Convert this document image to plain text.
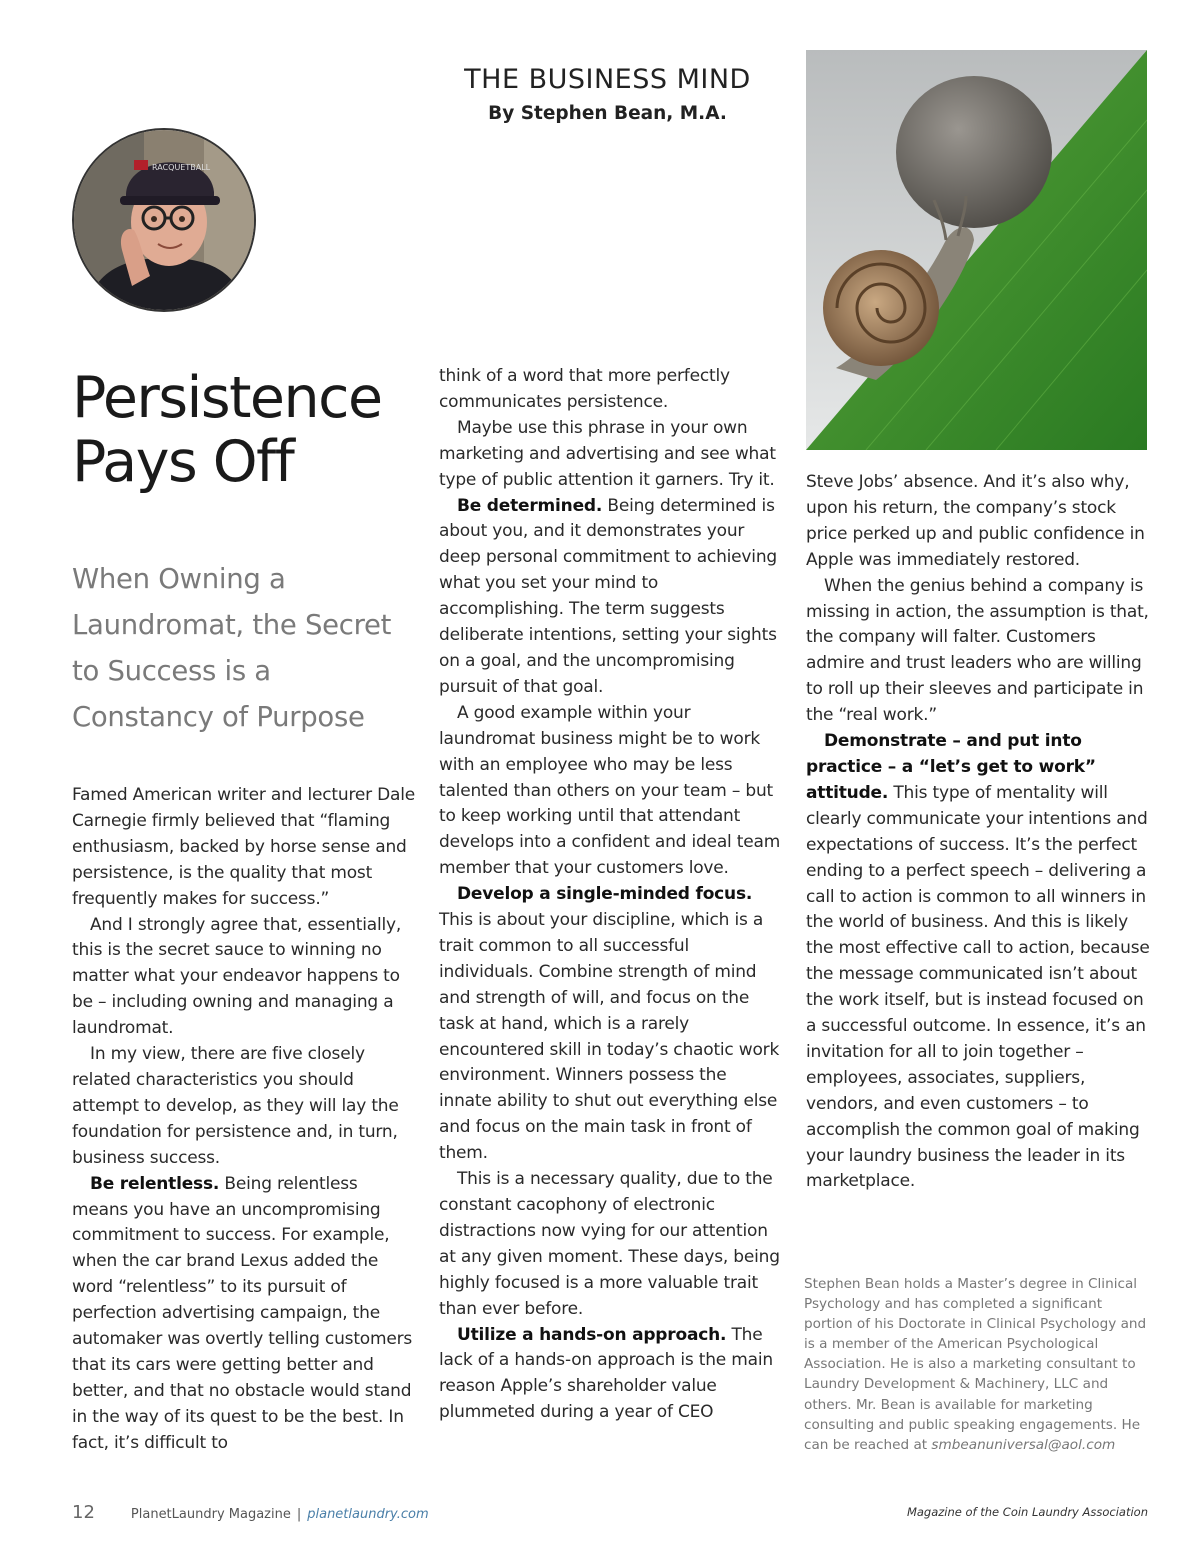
THE BUSINESS MIND
By Stephen Bean, M.A.
RACQUETBALL
Persistence
Pays Off
When Owning a Laundromat, the Secret to Success is a Constancy of Purpose

Famed American writer and lecturer Dale Carnegie firmly believed that “flaming enthusiasm, backed by horse sense and persistence, is the quality that most frequently makes for success.”

And I strongly agree that, essentially, this is the secret sauce to winning no matter what your endeavor happens to be – including owning and managing a laundromat.

In my view, there are five closely related characteristics you should attempt to develop, as they will lay the foundation for persistence and, in turn, business success.

Be relentless. Being relentless means you have an uncompromising commitment to success. For example, when the car brand Lexus added the word “relentless” to its pursuit of perfection advertising campaign, the automaker was overtly telling customers that its cars were getting better and better, and that no obstacle would stand in the way of its quest to be the best. In fact, it’s difficult to

think of a word that more perfectly communicates persistence.

Maybe use this phrase in your own marketing and advertising and see what type of public attention it garners. Try it.

Be determined. Being determined is about you, and it demonstrates your deep personal commitment to achieving what you set your mind to accomplishing. The term suggests deliberate intentions, setting your sights on a goal, and the uncompromising pursuit of that goal.

A good example within your laundromat business might be to work with an employee who may be less talented than others on your team – but to keep working until that attendant develops into a confident and ideal team member that your customers love.

Develop a single-minded focus. This is about your discipline, which is a trait common to all successful individuals. Combine strength of mind and strength of will, and focus on the task at hand, which is a rarely encountered skill in today’s chaotic work environment. Winners possess the innate ability to shut out everything else and focus on the main task in front of them.

This is a necessary quality, due to the constant cacophony of electronic distractions now vying for our attention at any given moment. These days, being highly focused is a more valuable trait than ever before.

Utilize a hands-on approach. The lack of a hands-on approach is the main reason Apple’s shareholder value plummeted during a year of CEO

Steve Jobs’ absence. And it’s also why, upon his return, the company’s stock price perked up and public confidence in Apple was immediately restored.

When the genius behind a company is missing in action, the assumption is that, the company will falter. Customers admire and trust leaders who are willing to roll up their sleeves and participate in the “real work.”

Demonstrate – and put into practice – a “let’s get to work” attitude. This type of mentality will clearly communicate your intentions and expectations of success. It’s the perfect ending to a perfect speech – delivering a call to action is common to all winners in the world of business. And this is likely the most effective call to action, because the message communicated isn’t about the work itself, but is instead focused on a successful outcome. In essence, it’s an invitation for all to join together – employees, associates, suppliers, vendors, and even customers – to accomplish the common goal of making your laundry business the leader in its marketplace.

Stephen Bean holds a Master’s degree in Clinical Psychology and has completed a significant portion of his Doctorate in Clinical Psychology and is a member of the American Psychological Association. He is also a marketing consultant to Laundry Development & Machinery, LLC and others. Mr. Bean is available for marketing consulting and public speaking engagements. He can be reached at smbeanuniversal@aol.com
12	PlanetLaundry Magazine | planetlaundry.com	Magazine of the Coin Laundry Association
